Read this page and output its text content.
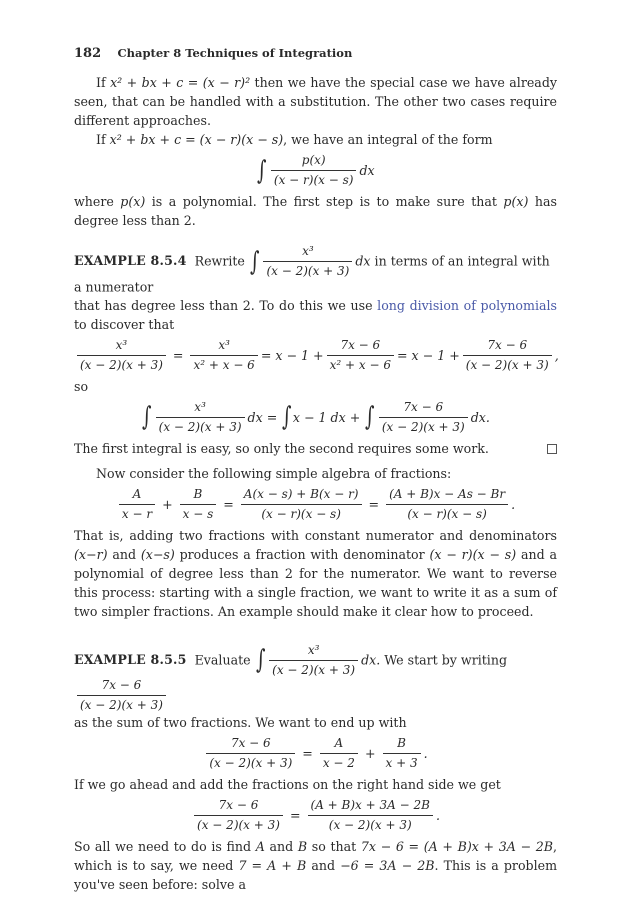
182 Chapter 8 Techniques of Integration

If x² + bx + c = (x − r)² then we have the special case we have already seen, that can be handled with a substitution. The other two cases require different approaches.

If x² + bx + c = (x − r)(x − s), we have an integral of the form

∫ $\frac{p(x)}{(x - r)(x - s)}$ dx

where p(x) is a polynomial. The first step is to make sure that p(x) has degree less than 2.

EXAMPLE 8.5.4 Rewrite ∫ $\frac{\text{x³}}{(x - 2)(x + 3)}$ dx in terms of an integral with a numerator

that has degree less than 2. To do this we use long division of polynomials to discover that

$\frac{\text{x³}}{(x - 2)(x + 3)} = \frac{\text{x³}}{\text{x² + x − 6}} = x - 1 + \frac{7x - 6}{\text{x² + x − 6}} = x - 1 + \frac{7x - 6}{(x - 2)(x + 3)}$ ,

so

∫ $\frac{\text{x³}}{(x - 2)(x + 3)}$ dx = ∫x − 1 dx + ∫ $\frac{7x - 6}{(x - 2)(x + 3)}$ dx.

The first integral is easy, so only the second requires some work.

Now consider the following simple algebra of fractions:

$\frac{A}{x - r} + \frac{B}{x - s} = \frac{A(x - s) + B(x - r)}{(x - r)(x - s)} = \frac{(A + B)x - As - Br}{(x - r)(x - s)}$ .

That is, adding two fractions with constant numerator and denominators (x−r) and (x−s) produces a fraction with denominator (x − r)(x − s) and a polynomial of degree less than 2 for the numerator. We want to reverse this process: starting with a single fraction, we want to write it as a sum of two simpler fractions. An example should make it clear how to proceed.

EXAMPLE 8.5.5 Evaluate ∫ $\frac{\text{x³}}{(x - 2)(x + 3)}$ dx. We start by writing
$\frac{7x - 6}{(x - 2)(x + 3)}$

as the sum of two fractions. We want to end up with

$\frac{7x - 6}{(x - 2)(x + 3)} = \frac{A}{x - 2} + \frac{B}{x + 3}$ .

If we go ahead and add the fractions on the right hand side we get

$\frac{7x - 6}{(x - 2)(x + 3)} = \frac{(A + B)x + 3A - 2B}{(x - 2)(x + 3)}$ .

So all we need to do is find A and B so that 7x − 6 = (A + B)x + 3A − 2B, which is to say, we need 7 = A + B and −6 = 3A − 2B. This is a problem you've seen before: solve a
